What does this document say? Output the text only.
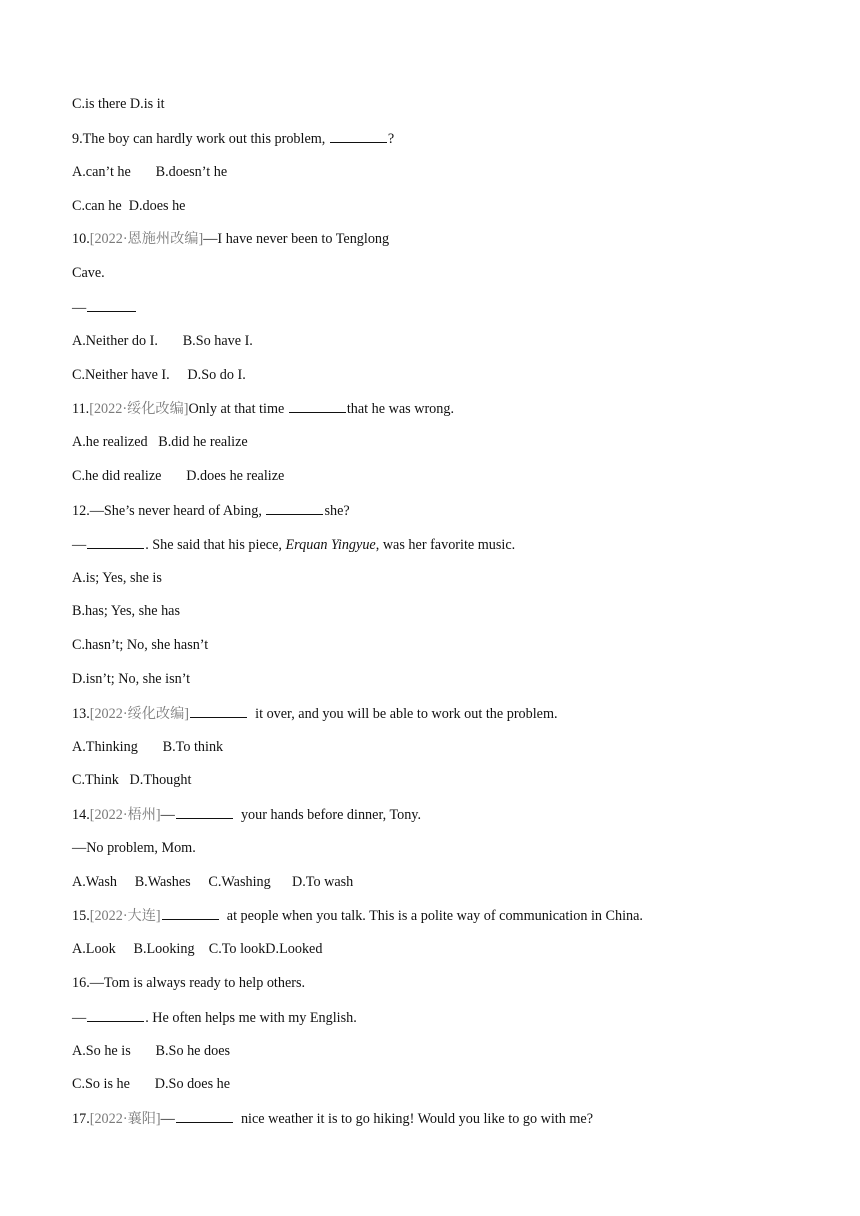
C.is there D.is it
9.The boy can hardly work out this problem,	?
A.can’t he       B.doesn’t he
C.can he  D.does he
10.[2022·恩施州改编]—I have never been to Tenglong
Cave.
—
A.Neither do I.       B.So have I.
C.Neither have I.     D.So do I.
11.[2022·绥化改编]Only at that time	that he was wrong.
A.he realized   B.did he realize
C.he did realize       D.does he realize
12.—She’s never heard of Abing,	she?
—	. She said that his piece, Erquan Yingyue, was her favorite music.
A.is; Yes, she is
B.has; Yes, she has
C.hasn’t; No, she hasn’t
D.isn’t; No, she isn’t
13.[2022·绥化改编]	it over, and you will be able to work out the problem.
A.Thinking       B.To think
C.Think   D.Thought
14.[2022·梧州]—	your hands before dinner, Tony.
—No problem, Mom.
A.Wash     B.Washes     C.Washing      D.To wash
15.[2022·大连]	at people when you talk. This is a polite way of communication in China.
A.Look     B.Looking    C.To lookD.Looked
16.—Tom is always ready to help others.
—	. He often helps me with my English.
A.So he is       B.So he does
C.So is he       D.So does he
17.[2022·襄阳]—	nice weather it is to go hiking! Would you like to go with me?
